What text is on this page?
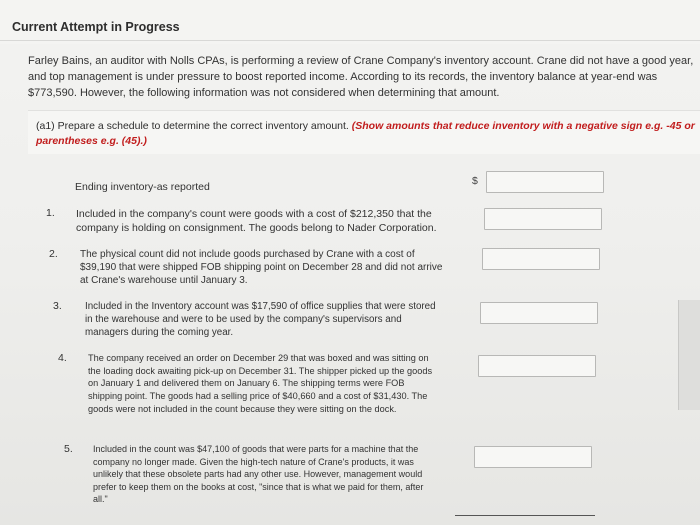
Current Attempt in Progress
Farley Bains, an auditor with Nolls CPAs, is performing a review of Crane Company's inventory account. Crane did not have a good year, and top management is under pressure to boost reported income. According to its records, the inventory balance at year-end was $773,590. However, the following information was not considered when determining that amount.
(a1) Prepare a schedule to determine the correct inventory amount. (Show amounts that reduce inventory with a negative sign e.g. -45 or parentheses e.g. (45).)
Ending inventory-as reported	$
1. Included in the company's count were goods with a cost of $212,350 that the company is holding on consignment. The goods belong to Nader Corporation.
2. The physical count did not include goods purchased by Crane with a cost of $39,190 that were shipped FOB shipping point on December 28 and did not arrive at Crane's warehouse until January 3.
3. Included in the Inventory account was $17,590 of office supplies that were stored in the warehouse and were to be used by the company's supervisors and managers during the coming year.
4. The company received an order on December 29 that was boxed and was sitting on the loading dock awaiting pick-up on December 31. The shipper picked up the goods on January 1 and delivered them on January 6. The shipping terms were FOB shipping point. The goods had a selling price of $40,660 and a cost of $31,430. The goods were not included in the count because they were sitting on the dock.
5. Included in the count was $47,100 of goods that were parts for a machine that the company no longer made. Given the high-tech nature of Crane's products, it was unlikely that these obsolete parts had any other use. However, management would prefer to keep them on the books at cost, "since that is what we paid for them, after all."
